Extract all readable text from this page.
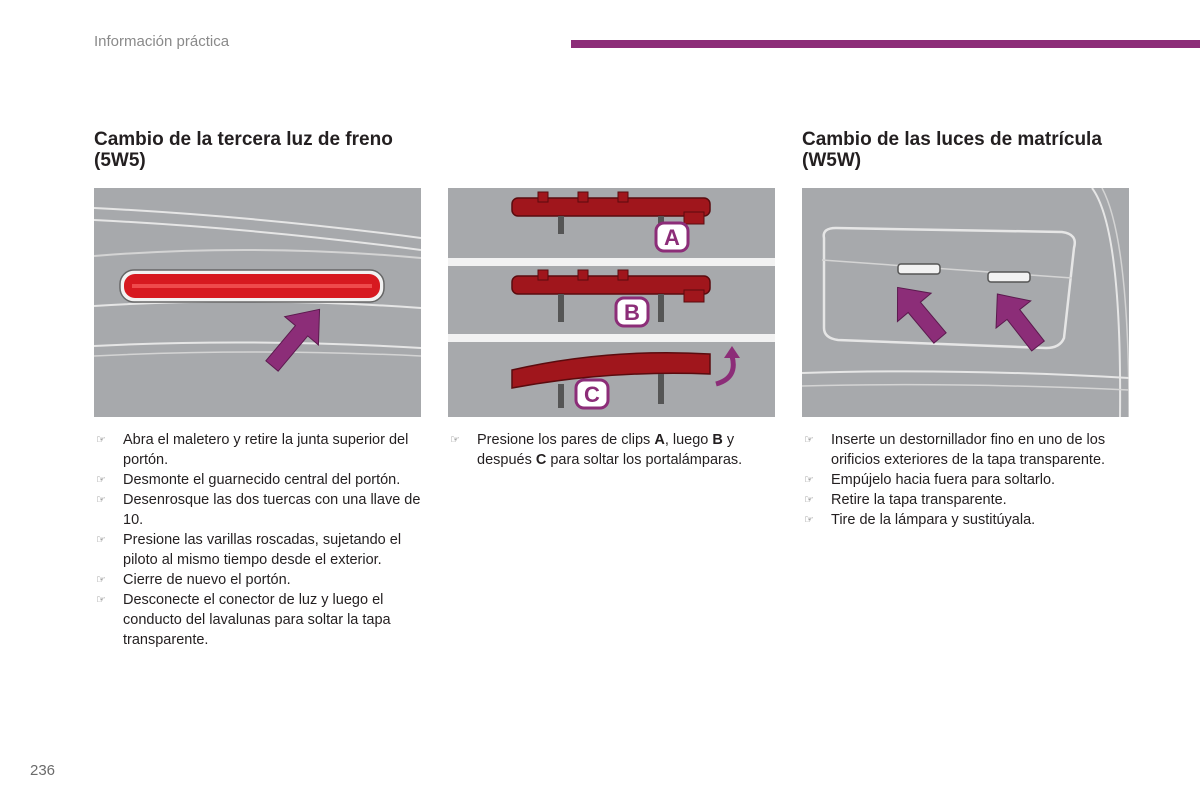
Información práctica
Cambio de la tercera luz de freno (5W5)
Cambio de las luces de matrícula (W5W)
A
B
C
☞ Abra el maletero y retire la junta superior del portón.
☞ Desmonte el guarnecido central del portón.
☞ Desenrosque las dos tuercas con una llave de 10.
☞ Presione las varillas roscadas, sujetando el piloto al mismo tiempo desde el exterior.
☞ Cierre de nuevo el portón.
☞ Desconecte el conector de luz y luego el conducto del lavalunas para soltar la tapa transparente.
☞ Presione los pares de clips A, luego B y después C para soltar los portalámparas.
☞ Inserte un destornillador fino en uno de los orificios exteriores de la tapa transparente.
☞ Empújelo hacia fuera para soltarlo.
☞ Retire la tapa transparente.
☞ Tire de la lámpara y sustitúyala.
236
